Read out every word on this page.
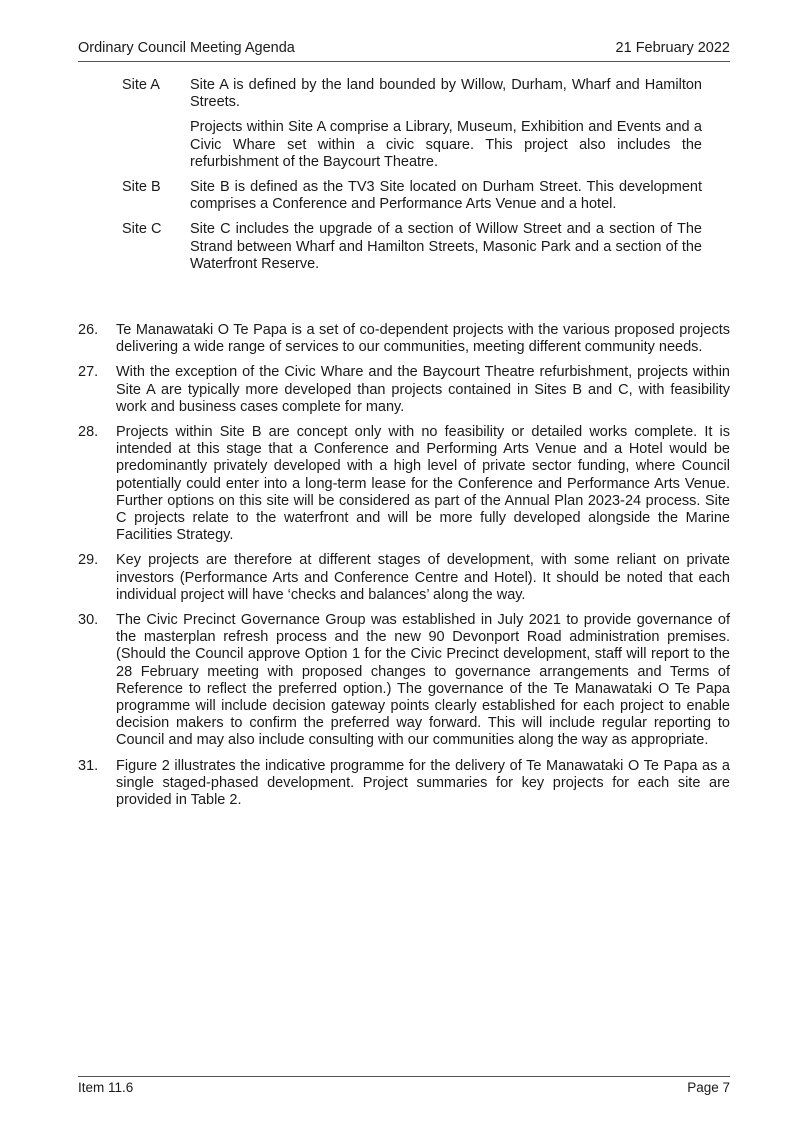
Ordinary Council Meeting Agenda	21 February 2022
Site A	Site A is defined by the land bounded by Willow, Durham, Wharf and Hamilton Streets.

Projects within Site A comprise a Library, Museum, Exhibition and Events and a Civic Whare set within a civic square. This project also includes the refurbishment of the Baycourt Theatre.

Site B	Site B is defined as the TV3 Site located on Durham Street. This development comprises a Conference and Performance Arts Venue and a hotel.

Site C	Site C includes the upgrade of a section of Willow Street and a section of The Strand between Wharf and Hamilton Streets, Masonic Park and a section of the Waterfront Reserve.

26.	Te Manawataki O Te Papa is a set of co-dependent projects with the various proposed projects delivering a wide range of services to our communities, meeting different community needs.

27.	With the exception of the Civic Whare and the Baycourt Theatre refurbishment, projects within Site A are typically more developed than projects contained in Sites B and C, with feasibility work and business cases complete for many.

28.	Projects within Site B are concept only with no feasibility or detailed works complete. It is intended at this stage that a Conference and Performing Arts Venue and a Hotel would be predominantly privately developed with a high level of private sector funding, where Council potentially could enter into a long-term lease for the Conference and Performance Arts Venue. Further options on this site will be considered as part of the Annual Plan 2023-24 process. Site C projects relate to the waterfront and will be more fully developed alongside the Marine Facilities Strategy.

29.	Key projects are therefore at different stages of development, with some reliant on private investors (Performance Arts and Conference Centre and Hotel). It should be noted that each individual project will have ‘checks and balances’ along the way.

30.	The Civic Precinct Governance Group was established in July 2021 to provide governance of the masterplan refresh process and the new 90 Devonport Road administration premises. (Should the Council approve Option 1 for the Civic Precinct development, staff will report to the 28 February meeting with proposed changes to governance arrangements and Terms of Reference to reflect the preferred option.) The governance of the Te Manawataki O Te Papa programme will include decision gateway points clearly established for each project to enable decision makers to confirm the preferred way forward. This will include regular reporting to Council and may also include consulting with our communities along the way as appropriate.

31.	Figure 2 illustrates the indicative programme for the delivery of Te Manawataki O Te Papa as a single staged-phased development. Project summaries for key projects for each site are provided in Table 2.

Item 11.6	Page 7
